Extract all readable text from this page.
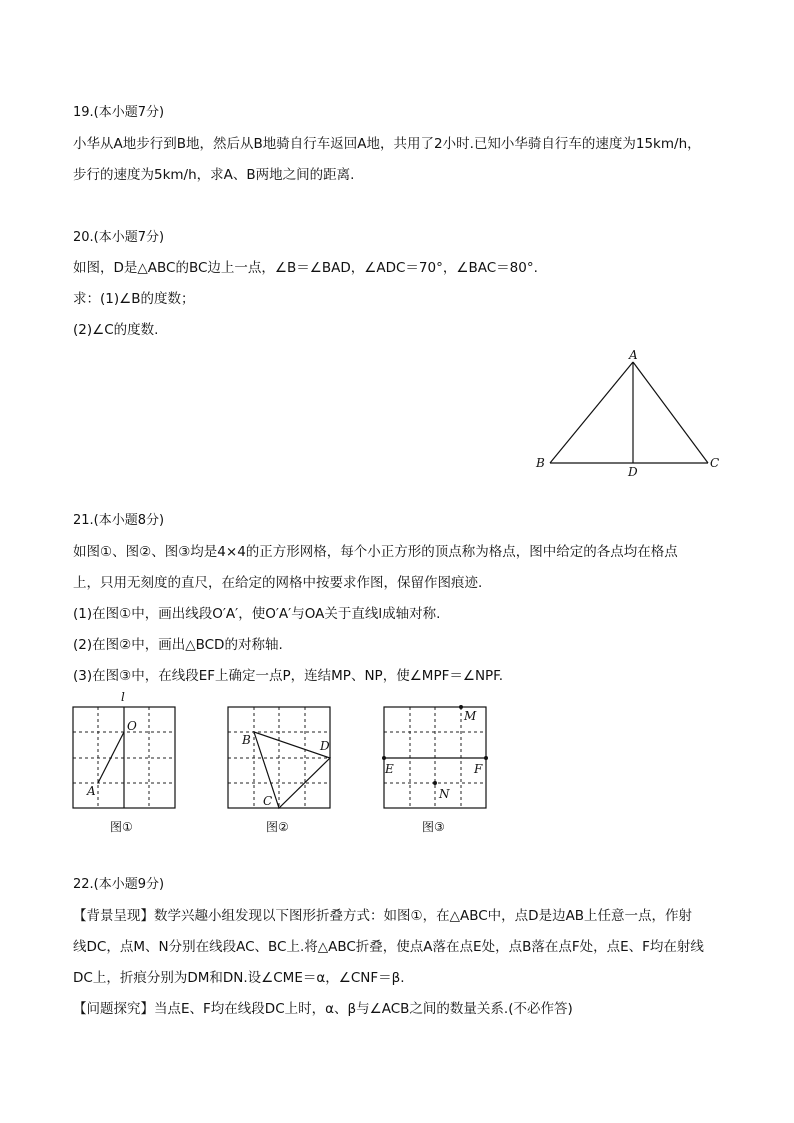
19.(本小题7分)
小华从A地步行到B地，然后从B地骑自行车返回A地，共用了2小时.已知小华骑自行车的速度为15km/h，
步行的速度为5km/h，求A、B两地之间的距离.
20.(本小题7分)
如图，D是△ABC的BC边上一点，∠B＝∠BAD，∠ADC＝70°，∠BAC＝80°.
求：(1)∠B的度数；
(2)∠C的度数.
A
B	C
D
21.(本小题8分)
如图①、图②、图③均是4×4的正方形网格，每个小正方形的顶点称为格点，图中给定的各点均在格点
上，只用无刻度的直尺，在给定的网格中按要求作图，保留作图痕迹.
(1)在图①中，画出线段O′A′，使O′A′与OA关于直线l成轴对称.
(2)在图②中，画出△BCD的对称轴.
(3)在图③中，在线段EF上确定一点P，连结MP、NP，使∠MPF＝∠NPF.
l
O
A
图①
B	D
C
图②
M
N
E	F
图③
22.(本小题9分)
【背景呈现】数学兴趣小组发现以下图形折叠方式：如图①，在△ABC中，点D是边AB上任意一点，作射
线DC，点M、N分别在线段AC、BC上.将△ABC折叠，使点A落在点E处，点B落在点F处，点E、F均在射线
DC上，折痕分别为DM和DN.设∠CME＝α，∠CNF＝β.
【问题探究】当点E、F均在线段DC上时，α、β与∠ACB之间的数量关系.(不必作答)
